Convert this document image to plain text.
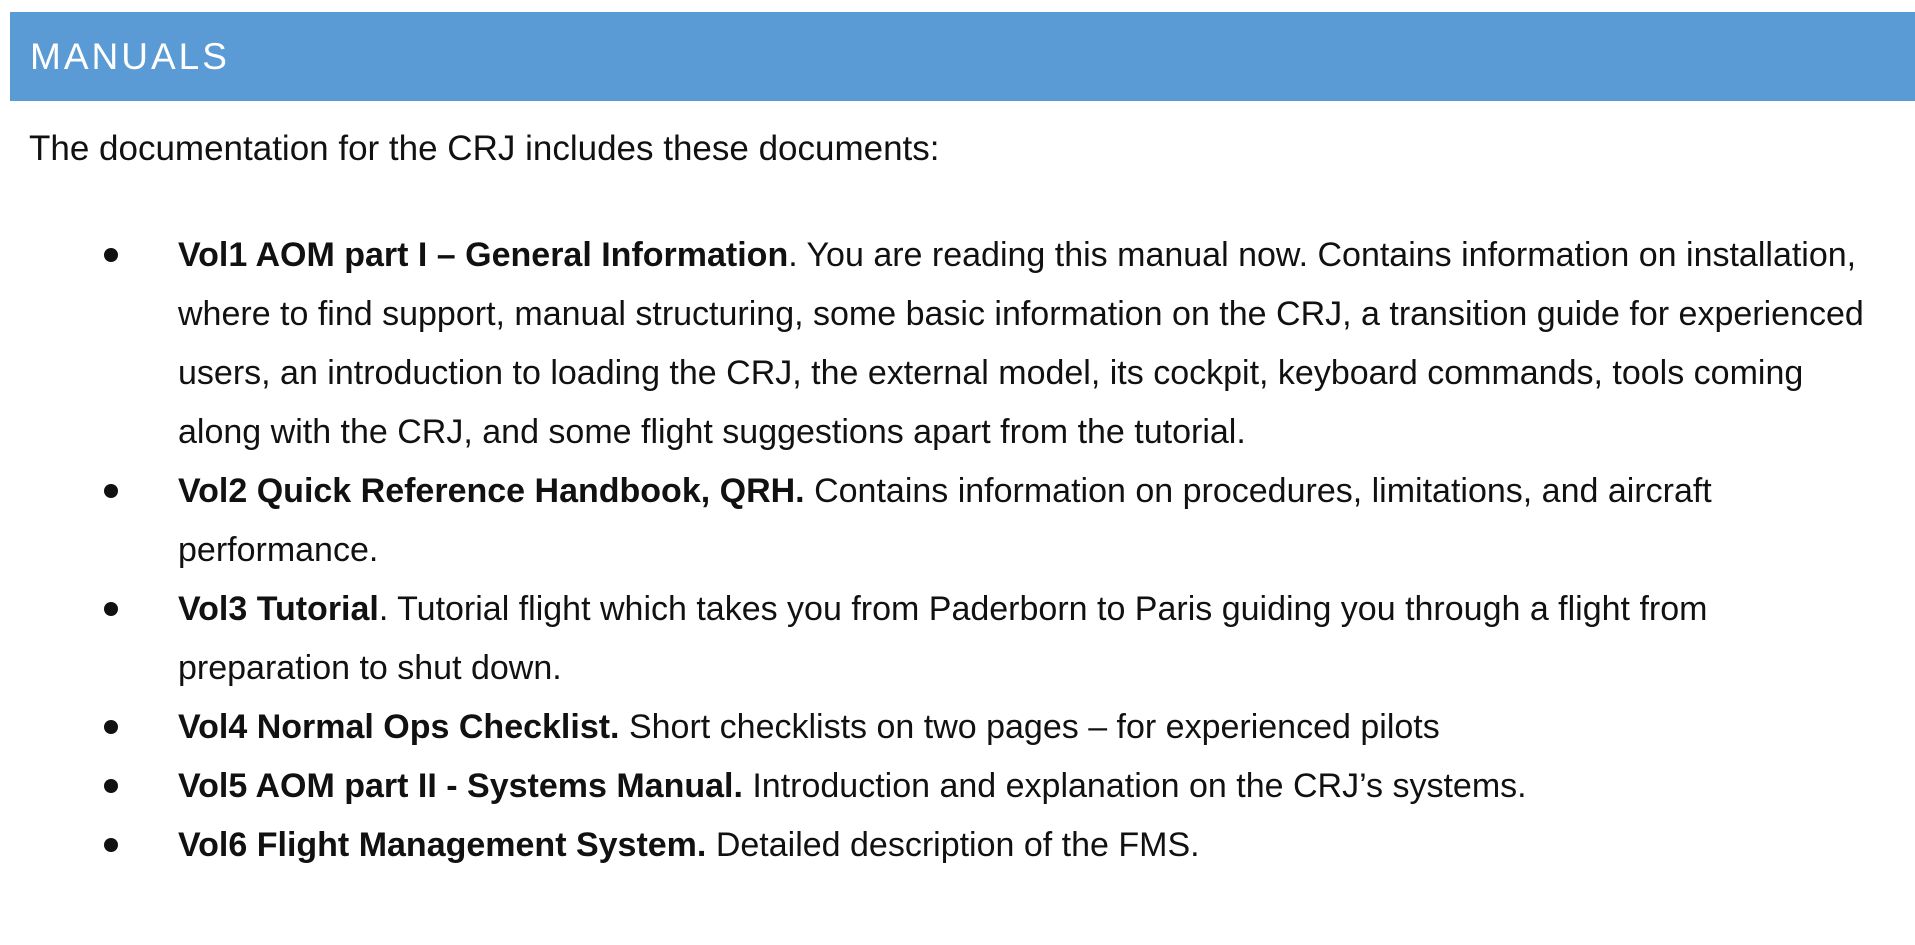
MANUALS

The documentation for the CRJ includes these documents:

Vol1 AOM part I – General Information. You are reading this manual now. Contains information on installation, where to find support, manual structuring, some basic information on the CRJ, a transition guide for experienced users, an introduction to loading the CRJ, the external model, its cockpit, keyboard commands, tools coming along with the CRJ, and some flight suggestions apart from the tutorial.
Vol2 Quick Reference Handbook, QRH. Contains information on procedures, limitations, and aircraft performance.
Vol3 Tutorial. Tutorial flight which takes you from Paderborn to Paris guiding you through a flight from preparation to shut down.
Vol4 Normal Ops Checklist. Short checklists on two pages – for experienced pilots
Vol5 AOM part II - Systems Manual. Introduction and explanation on the CRJ’s systems.
Vol6 Flight Management System. Detailed description of the FMS.
